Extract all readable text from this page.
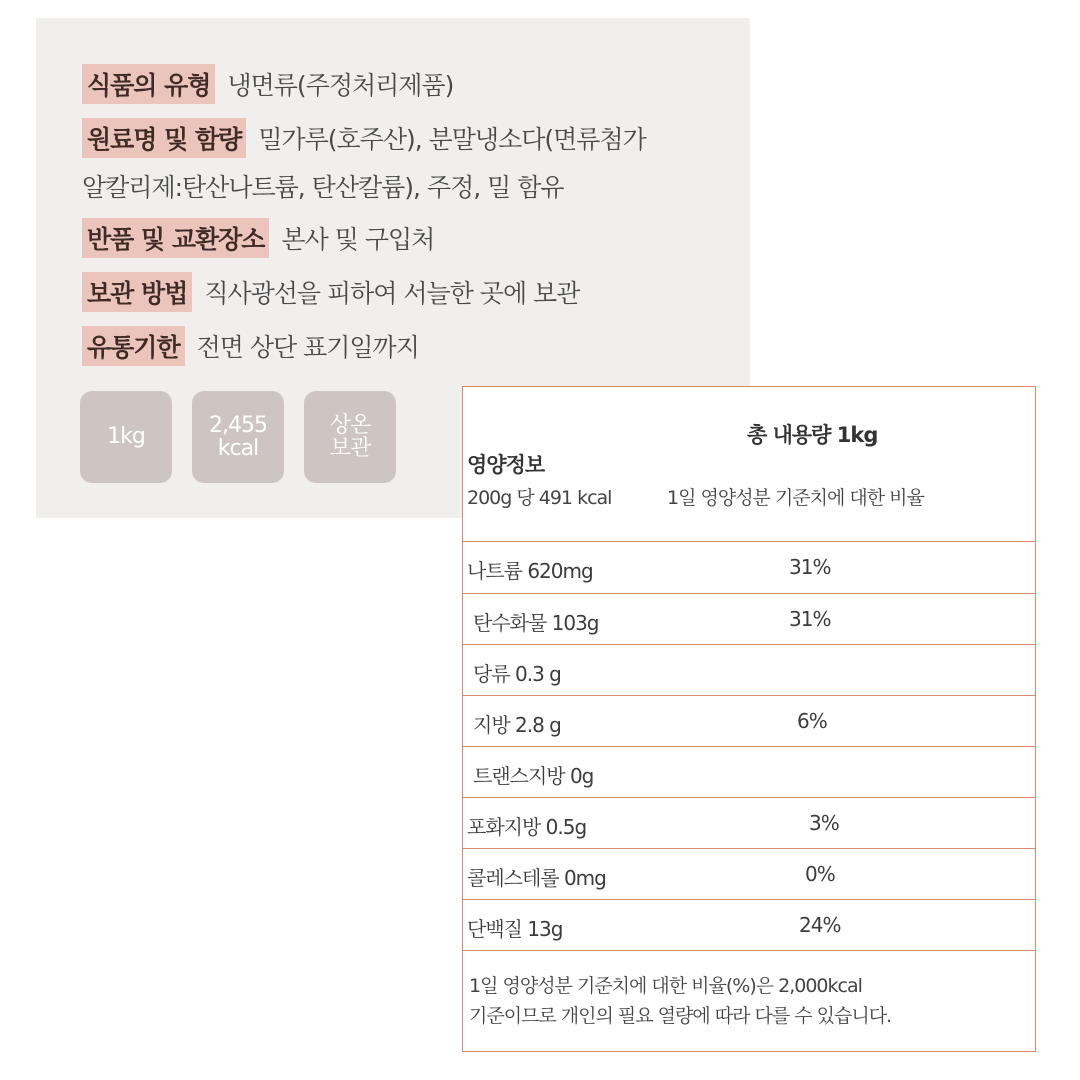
식품의 유형 냉면류(주정처리제품)
원료명 및 함량 밀가루(호주산), 분말냉소다(면류첨가
알칼리제:탄산나트륨, 탄산칼륨), 주정, 밀 함유
반품 및 교환장소 본사 및 구입처
보관 방법 직사광선을 피하여 서늘한 곳에 보관
유통기한 전면 상단 표기일까지
1kg	2,455
kcal
상온
보관
총 내용량 1kg
영양정보
200g 당 491 kcal	1일 영양성분 기준치에 대한 비율
나트륨 620mg	31%
탄수화물 103g	31%
당류 0.3 g
지방 2.8 g	6%
트랜스지방 0g
포화지방 0.5g	3%
콜레스테롤 0mg	0%
단백질 13g	24%
1일 영양성분 기준치에 대한 비율(%)은 2,000kcal
기준이므로 개인의 필요 열량에 따라 다를 수 있습니다.
